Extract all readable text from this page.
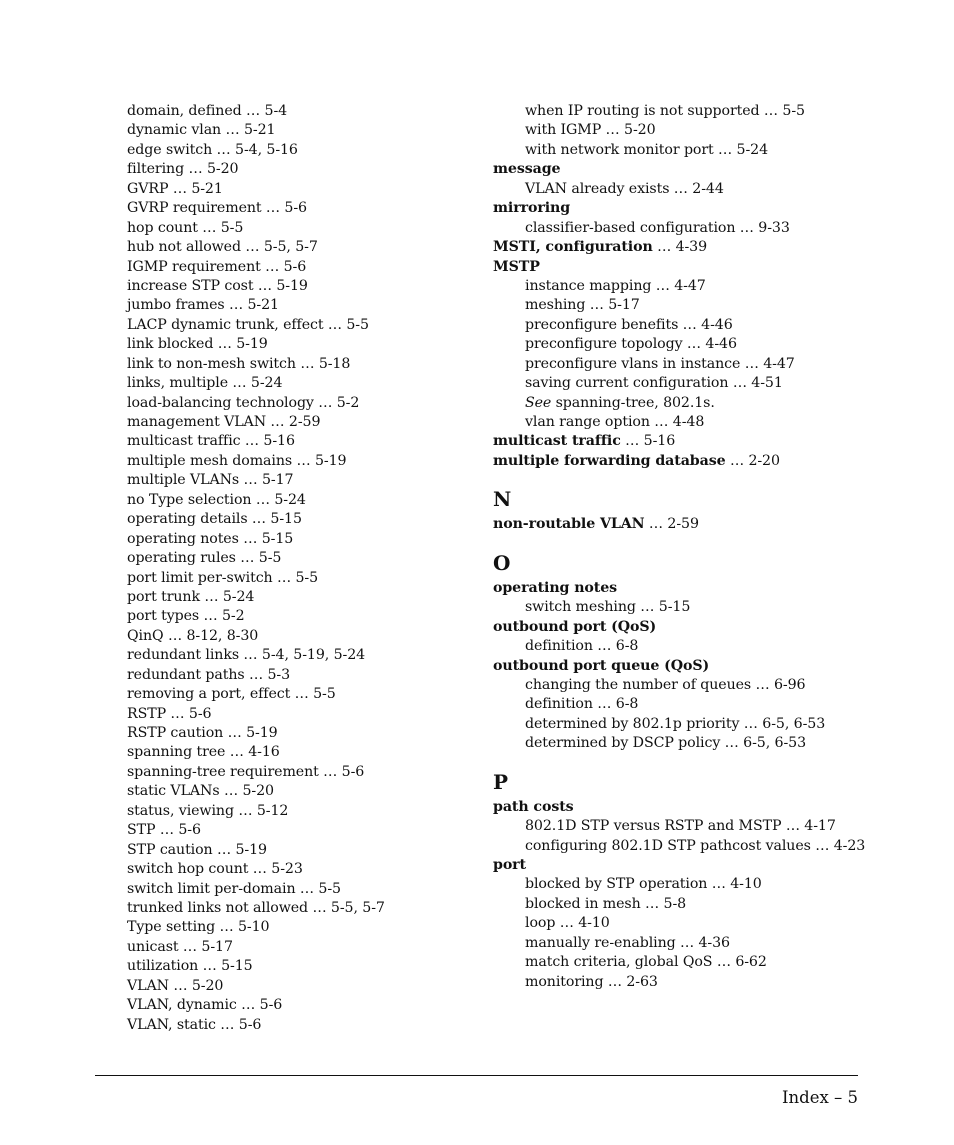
domain, defined … 5-4
dynamic vlan … 5-21
edge switch … 5-4, 5-16
filtering … 5-20
GVRP … 5-21
GVRP requirement … 5-6
hop count … 5-5
hub not allowed … 5-5, 5-7
IGMP requirement … 5-6
increase STP cost … 5-19
jumbo frames … 5-21
LACP dynamic trunk, effect … 5-5
link blocked … 5-19
link to non-mesh switch … 5-18
links, multiple … 5-24
load-balancing technology … 5-2
management VLAN … 2-59
multicast traffic … 5-16
multiple mesh domains … 5-19
multiple VLANs … 5-17
no Type selection … 5-24
operating details … 5-15
operating notes … 5-15
operating rules … 5-5
port limit per-switch … 5-5
port trunk … 5-24
port types … 5-2
QinQ … 8-12, 8-30
redundant links … 5-4, 5-19, 5-24
redundant paths … 5-3
removing a port, effect … 5-5
RSTP … 5-6
RSTP caution … 5-19
spanning tree … 4-16
spanning-tree requirement … 5-6
static VLANs … 5-20
status, viewing … 5-12
STP … 5-6
STP caution … 5-19
switch hop count … 5-23
switch limit per-domain … 5-5
trunked links not allowed … 5-5, 5-7
Type setting … 5-10
unicast … 5-17
utilization … 5-15
VLAN … 5-20
VLAN, dynamic … 5-6
VLAN, static … 5-6
when IP routing is not supported … 5-5
with IGMP … 5-20
with network monitor port … 5-24
message
VLAN already exists … 2-44
mirroring
classifier-based configuration … 9-33
MSTI, configuration … 4-39
MSTP
instance mapping … 4-47
meshing … 5-17
preconfigure benefits … 4-46
preconfigure topology … 4-46
preconfigure vlans in instance … 4-47
saving current configuration … 4-51
See spanning-tree, 802.1s.
vlan range option … 4-48
multicast traffic … 5-16
multiple forwarding database … 2-20
N
non-routable VLAN … 2-59
O
operating notes
switch meshing … 5-15
outbound port (QoS)
definition … 6-8
outbound port queue (QoS)
changing the number of queues … 6-96
definition … 6-8
determined by 802.1p priority … 6-5, 6-53
determined by DSCP policy … 6-5, 6-53
P
path costs
802.1D STP versus RSTP and MSTP … 4-17
configuring 802.1D STP pathcost values … 4-23
port
blocked by STP operation … 4-10
blocked in mesh … 5-8
loop … 4-10
manually re-enabling … 4-36
match criteria, global QoS … 6-62
monitoring … 2-63
Index – 5
